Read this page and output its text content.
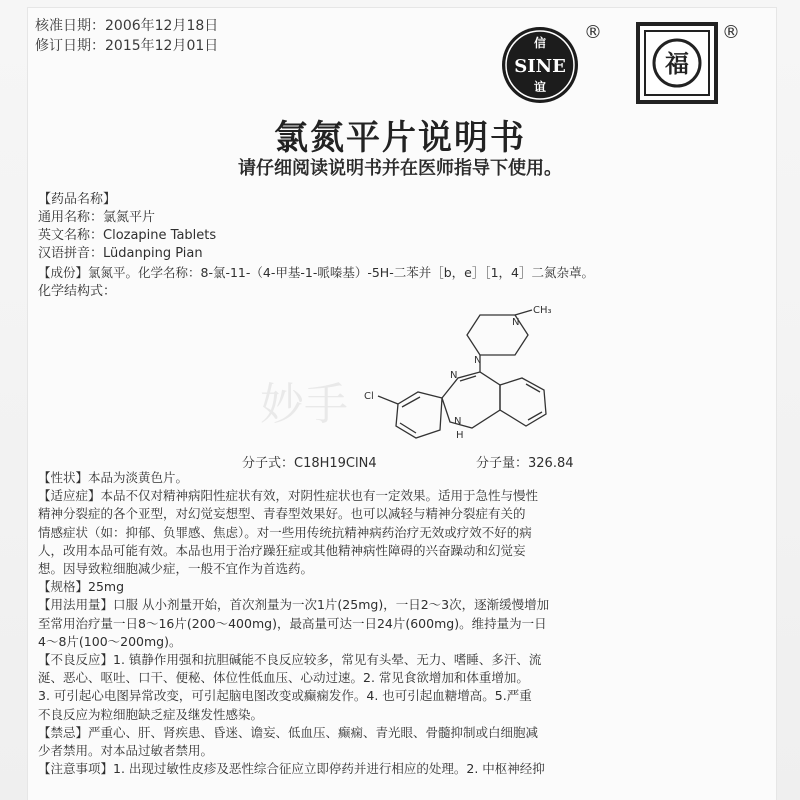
核准日期：2006年12月18日
修订日期：2015年12月01日	信
SINE
谊
®
福
®
氯氮平片说明书
请仔细阅读说明书并在医师指导下使用。
【药品名称】
通用名称：氯氮平片
英文名称：Clozapine Tablets
汉语拼音：Lüdanping Pian
【成份】氯氮平。化学名称：8-氯-11-（4-甲基-1-哌嗪基）-5H-二苯并［b，e］［1，4］二氮杂䓬。
化学结构式：
妙手
CH₃
Cl
N
N
H
N
N
分子式：C18H19ClN4	分子量：326.84
【性状】本品为淡黄色片。
【适应症】本品不仅对精神病阳性症状有效，对阴性症状也有一定效果。适用于急性与慢性
精神分裂症的各个亚型，对幻觉妄想型、青春型效果好。也可以减轻与精神分裂症有关的
情感症状（如：抑郁、负罪感、焦虑）。对一些用传统抗精神病药治疗无效或疗效不好的病
人，改用本品可能有效。本品也用于治疗躁狂症或其他精神病性障碍的兴奋躁动和幻觉妄
想。因导致粒细胞减少症，一般不宜作为首选药。
【规格】25mg
【用法用量】口服 从小剂量开始，首次剂量为一次1片(25mg)，一日2～3次，逐渐缓慢增加
至常用治疗量一日8～16片(200～400mg)，最高量可达一日24片(600mg)。维持量为一日
4～8片(100～200mg)。
【不良反应】1. 镇静作用强和抗胆碱能不良反应较多，常见有头晕、无力、嗜睡、多汗、流
涎、恶心、呕吐、口干、便秘、体位性低血压、心动过速。2. 常见食欲增加和体重增加。
3. 可引起心电图异常改变，可引起脑电图改变或癫痫发作。4. 也可引起血糖增高。5.严重
不良反应为粒细胞缺乏症及继发性感染。
【禁忌】严重心、肝、肾疾患、昏迷、谵妄、低血压、癫痫、青光眼、骨髓抑制或白细胞减
少者禁用。对本品过敏者禁用。
【注意事项】1. 出现过敏性皮疹及恶性综合征应立即停药并进行相应的处理。2. 中枢神经抑
